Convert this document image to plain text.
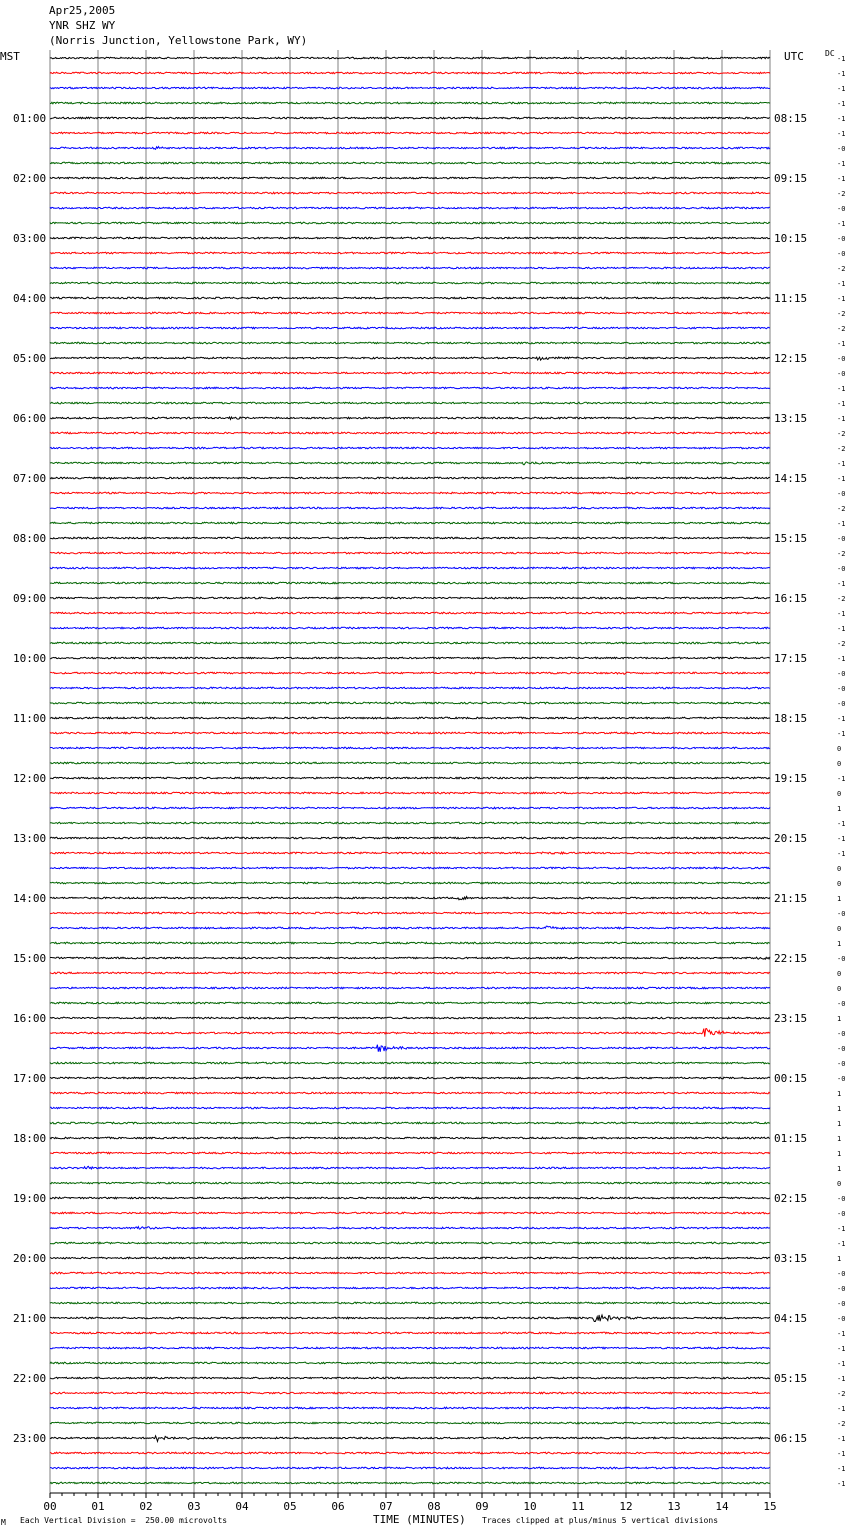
Apr25,2005
YNR SHZ WY
(Norris Junction, Yellowstone Park, WY)
MST	UTC	DC
-1
-1
-1
-1
-1
-1
-0
-1
-1
-2
-0
-1
-0
-0
-2
-1
-1
-2
-2
-1
-0
-0
-1
-1
-1
-2
-2
-1
-1
-0
-2
-1
-0
-2
-0
-1
-2
-1
-1
-2
-1
-0
-0
-0
-1
-1
0
0
-1
0
1
-1
-1
-1
0
0
1
-0
0
1
-0
0
0
-0
1
-0
-0
-0
-0
1
1
1
1
1
1
0
-0
-0
-1
-1
1
-0
-0
-0
-0
-1
-1
-1
-1
-2
-1
-2
-1
-1
-1
-1
01:00
02:00
03:00
04:00
05:00
06:00
07:00
08:00
09:00
10:00
11:00
12:00
13:00
14:00
15:00
16:00
17:00
18:00
19:00
20:00
21:00
22:00
23:00
08:15
09:15
10:15
11:15
12:15
13:15
14:15
15:15
16:15
17:15
18:15
19:15
20:15
21:15
22:15
23:15
00:15
01:15
02:15
03:15
04:15
05:15
06:15
00	01	02	03	04	05	06	07	08	09	10	11	12	13	14	15
M Each Vertical Division =  250.00 microvolts	TIME (MINUTES) Traces clipped at plus/minus 5 vertical divisions
